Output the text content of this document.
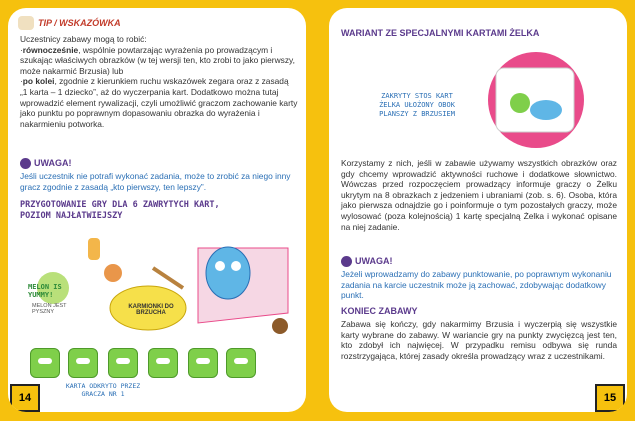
TIP / WSKAZÓWKA
Uczestnicy zabawy mogą to robić:
·równocześnie, wspólnie powtarzając wyrażenia po prowadzącym i szukając właściwych obrazków (w tej wersji ten, kto zrobi to jako pierwszy, może nakarmić Brzusia) lub
·po kolei, zgodnie z kierunkiem ruchu wskazówek zegara oraz z zasadą „1 karta – 1 dziecko”, aż do wyczerpania kart. Dodatkowo można tutaj wprowadzić element rywalizacji, czyli umożliwić graczom zachowanie karty jako punktu po poprawnym dopasowaniu obrazka do wyrażenia i nakarmieniu potworka.
UWAGA!
Jeśli uczestnik nie potrafi wykonać zadania, może to zrobić za niego inny gracz zgodnie z zasadą „kto pierwszy, ten lepszy”.
PRZYGOTOWANIE GRY DLA 6 ZAWRYTYCH KART, POZIOM NAJŁATWIEJSZY
MELON IS YUMMY!
MELON JEST PYSZNY
KARMIONKI DO BRZUCHA
KARTA ODKRYTO PRZEZ GRACZA NR 1
14
WARIANT ZE SPECJALNYMI KARTAMI ŻELKA
ZAKRYTY STOS KART ŻELKA UŁOŻONY OBOK PLANSZY Z BRZUSIEM
Korzystamy z nich, jeśli w zabawie używamy wszystkich obrazków oraz gdy chcemy wprowadzić aktywności ruchowe i dodatkowe słownictwo. Wówczas przed rozpoczęciem prowadzący informuje graczy o Żelku ukrytym na 8 obrazkach z jedzeniem i ubraniami (zob. s. 6). Osoba, która jako pierwsza odnajdzie go i poinformuje o tym pozostałych graczy, może wylosować (poza kolejnością) 1 kartę specjalną Żelka i wykonać opisane na niej zadanie.
UWAGA!
Jeżeli wprowadzamy do zabawy punktowanie, po poprawnym wykonaniu zadania na karcie uczestnik może ją zachować, zdobywając dodatkowy punkt.
KONIEC ZABAWY
Zabawa się kończy, gdy nakarmimy Brzusia i wyczerpią się wszystkie karty wybrane do zabawy. W wariancie gry na punkty zwycięzcą jest ten, kto zdobył ich najwięcej. W przypadku remisu odbywa się runda rozstrzygająca, której zasady określa prowadzący wraz z uczestnikami.
15
